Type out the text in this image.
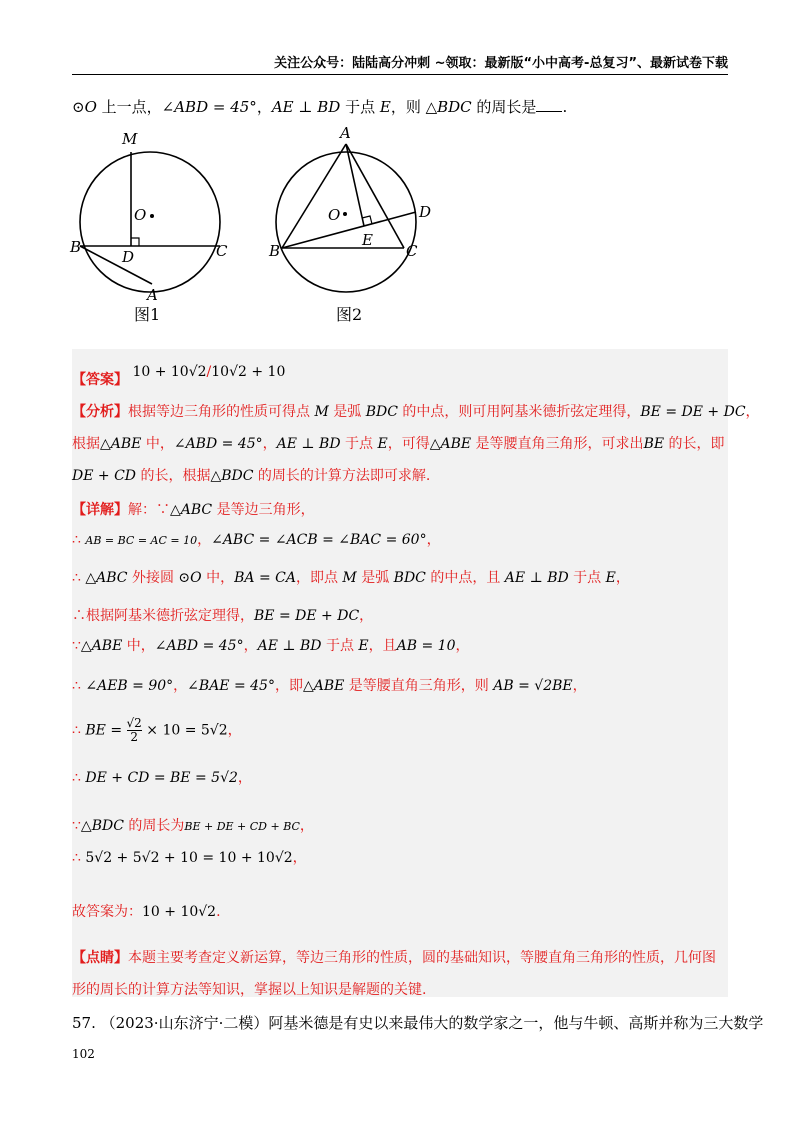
关注公众号：陆陆高分冲刺 ~领取：最新版“小中高考-总复习”、最新试卷下载
⊙O 上一点，∠ABD = 45°，AE ⊥ BD 于点 E，则 △BDC 的周长是 .
M
O
B
D	C
A
图1
A
O	D
E
B	C
图2
【答案】 10 + 10√2/10√2 + 10
【分析】根据等边三角形的性质可得点 M 是弧 BDC 的中点，则可用阿基米德折弦定理得，BE = DE + DC，
根据△ABE 中，∠ABD = 45°，AE ⊥ BD 于点 E，可得△ABE 是等腰直角三角形，可求出BE 的长，即
DE + CD 的长，根据△BDC 的周长的计算方法即可求解.
【详解】解：∵△ABC 是等边三角形，
∴ AB = BC = AC = 10，∠ABC = ∠ACB = ∠BAC = 60°，
∴ △ABC 外接圆 ⊙O 中，BA = CA，即点 M 是弧 BDC 的中点，且 AE ⊥ BD 于点 E，
∴根据阿基米德折弦定理得，BE = DE + DC，
∵△ABE 中，∠ABD = 45°，AE ⊥ BD 于点 E，且AB = 10，
∴ ∠AEB = 90°，∠BAE = 45°，即△ABE 是等腰直角三角形，则 AB = √2BE，
∴ BE = $\frac{√2}{2} \times 10 = 5√2$，
∴ DE + CD = BE = 5√2，
∵△BDC 的周长为BE + DE + CD + BC，
∴ 5√2 + 5√2 + 10 = 10 + 10√2，
故答案为：10 + 10√2.
【点睛】本题主要考查定义新运算，等边三角形的性质，圆的基础知识，等腰直角三角形的性质，几何图
形的周长的计算方法等知识，掌握以上知识是解题的关键.
57. （2023·山东济宁·二模）阿基米德是有史以来最伟大的数学家之一，他与牛顿、高斯并称为三大数学
102
